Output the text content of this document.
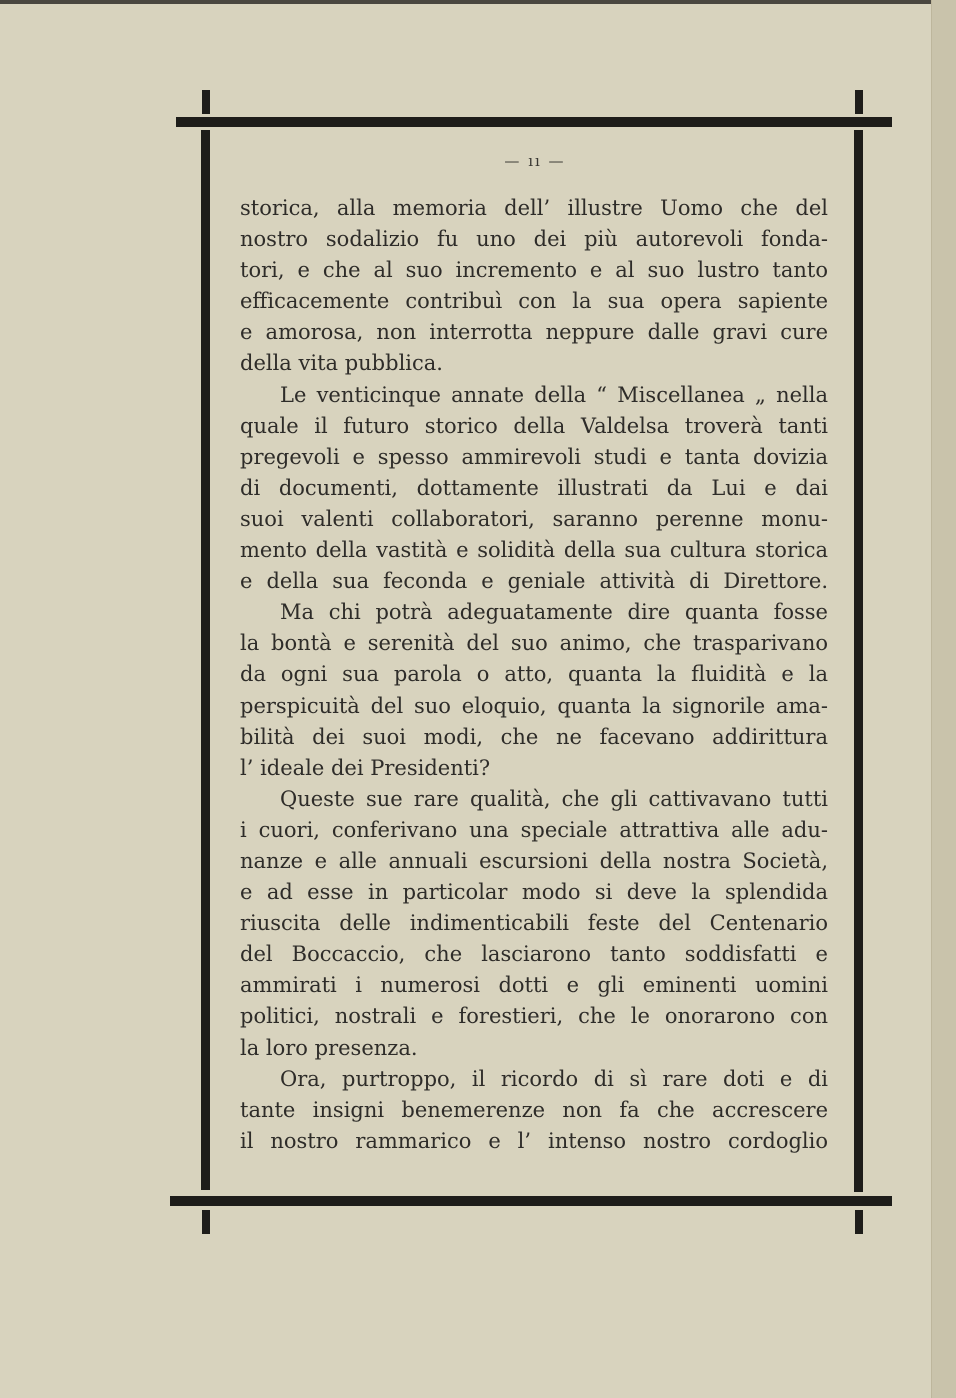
— ıı —
storica, alla memoria dell’ illustre Uomo che del
nostro sodalizio fu uno dei più autorevoli fonda-
tori, e che al suo incremento e al suo lustro tanto
efficacemente contribuì con la sua opera sapiente
e amorosa, non interrotta neppure dalle gravi cure
della vita pubblica.
Le venticinque annate della “ Miscellanea „ nella
quale il futuro storico della Valdelsa troverà tanti
pregevoli e spesso ammirevoli studi e tanta dovizia
di documenti, dottamente illustrati da Lui e dai
suoi valenti collaboratori, saranno perenne monu-
mento della vastità e solidità della sua cultura storica
e della sua feconda e geniale attività di Direttore.
Ma chi potrà adeguatamente dire quanta fosse
la bontà e serenità del suo animo, che trasparivano
da ogni sua parola o atto, quanta la fluidità e la
perspicuità del suo eloquio, quanta la signorile ama-
bilità dei suoi modi, che ne facevano addirittura
l’ ideale dei Presidenti?
Queste sue rare qualità, che gli cattivavano tutti
i cuori, conferivano una speciale attrattiva alle adu-
nanze e alle annuali escursioni della nostra Società,
e ad esse in particolar modo si deve la splendida
riuscita delle indimenticabili feste del Centenario
del Boccaccio, che lasciarono tanto soddisfatti e
ammirati i numerosi dotti e gli eminenti uomini
politici, nostrali e forestieri, che le onorarono con
la loro presenza.
Ora, purtroppo, il ricordo di sì rare doti e di
tante insigni benemerenze non fa che accrescere
il nostro rammarico e l’ intenso nostro cordoglio
